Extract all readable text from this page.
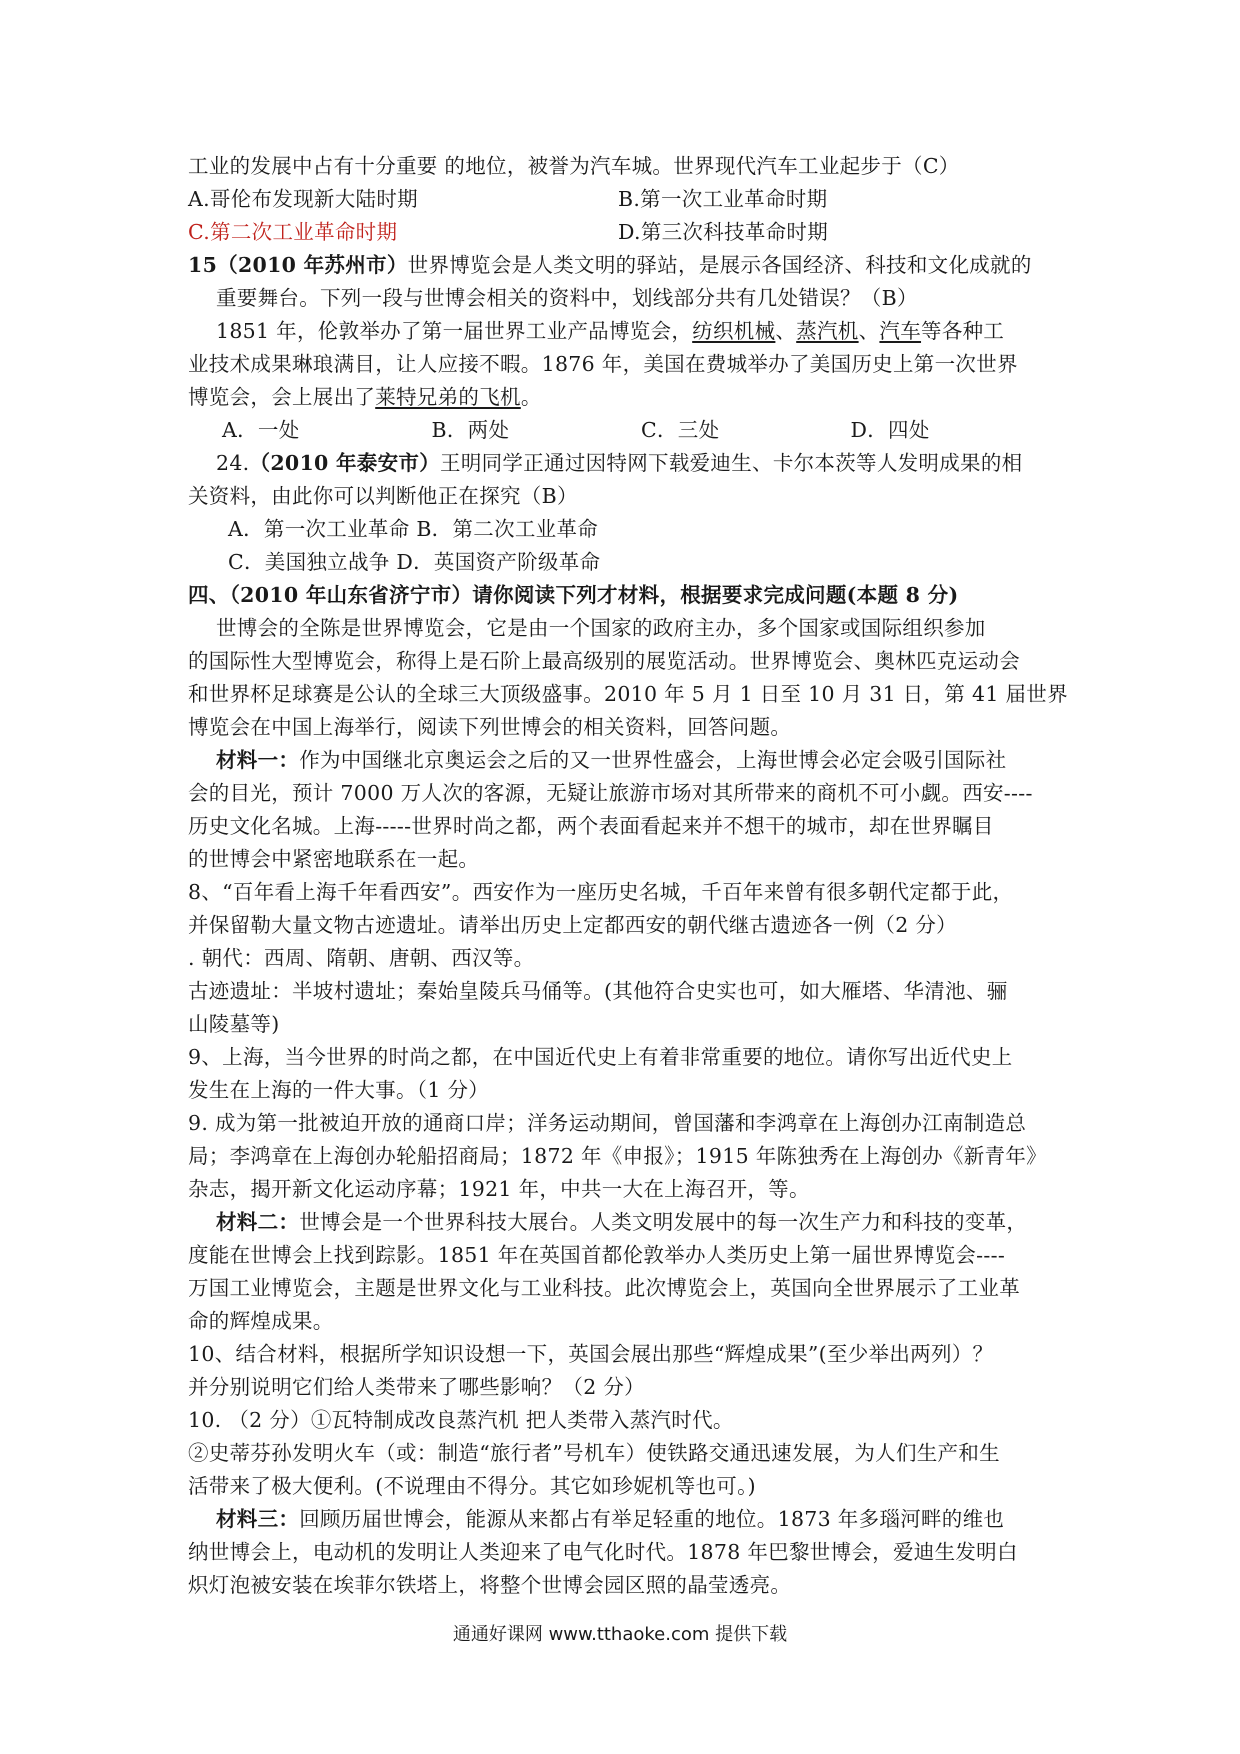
工业的发展中占有十分重要 的地位，被誉为汽车城。世界现代汽车工业起步于（C）
A.哥伦布发现新大陆时期	B.第一次工业革命时期
C.第二次工业革命时期	D.第三次科技革命时期
15（2010 年苏州市）世界博览会是人类文明的驿站，是展示各国经济、科技和文化成就的
重要舞台。下列一段与世博会相关的资料中，划线部分共有几处错误？（B）
1851 年，伦敦举办了第一届世界工业产品博览会，纺织机械、蒸汽机、汽车等各种工
业技术成果琳琅满目，让人应接不暇。1876 年，美国在费城举办了美国历史上第一次世界
博览会，会上展出了莱特兄弟的飞机。
A．一处	B．两处	C．三处	D．四处
24.（2010 年泰安市）王明同学正通过因特网下载爱迪生、卡尔本茨等人发明成果的相
关资料，由此你可以判断他正在探究（B）
A．第一次工业革命 B．第二次工业革命
C．美国独立战争 D．英国资产阶级革命
四、（2010 年山东省济宁市）请你阅读下列才材料，根据要求完成问题(本题 8 分)
世博会的全陈是世界博览会，它是由一个国家的政府主办，多个国家或国际组织参加
的国际性大型博览会，称得上是石阶上最高级别的展览活动。世界博览会、奥林匹克运动会
和世界杯足球赛是公认的全球三大顶级盛事。2010 年 5 月 1 日至 10 月 31 日，第 41 届世界
博览会在中国上海举行，阅读下列世博会的相关资料，回答问题。
材料一：作为中国继北京奥运会之后的又一世界性盛会，上海世博会必定会吸引国际社
会的目光，预计 7000 万人次的客源，无疑让旅游市场对其所带来的商机不可小觑。西安----
历史文化名城。上海-----世界时尚之都，两个表面看起来并不想干的城市，却在世界瞩目
的世博会中紧密地联系在一起。
8、“百年看上海千年看西安”。西安作为一座历史名城，千百年来曾有很多朝代定都于此，
并保留勒大量文物古迹遗址。请举出历史上定都西安的朝代继古遗迹各一例（2 分）
. 朝代：西周、隋朝、唐朝、西汉等。
古迹遗址：半坡村遗址；秦始皇陵兵马俑等。(其他符合史实也可，如大雁塔、华清池、骊
山陵墓等)
9、上海，当今世界的时尚之都，在中国近代史上有着非常重要的地位。请你写出近代史上
发生在上海的一件大事。（1 分）
9. 成为第一批被迫开放的通商口岸；洋务运动期间，曾国藩和李鸿章在上海创办江南制造总
局；李鸿章在上海创办轮船招商局；1872 年《申报》；1915 年陈独秀在上海创办《新青年》
杂志，揭开新文化运动序幕；1921 年，中共一大在上海召开，等。
材料二：世博会是一个世界科技大展台。人类文明发展中的每一次生产力和科技的变革，
度能在世博会上找到踪影。1851 年在英国首都伦敦举办人类历史上第一届世界博览会----
万国工业博览会，主题是世界文化与工业科技。此次博览会上，英国向全世界展示了工业革
命的辉煌成果。
10、结合材料，根据所学知识设想一下，英国会展出那些“辉煌成果”(至少举出两列）？
并分别说明它们给人类带来了哪些影响？（2 分）
10. （2 分）①瓦特制成改良蒸汽机 把人类带入蒸汽时代。
②史蒂芬孙发明火车（或：制造“旅行者”号机车）使铁路交通迅速发展，为人们生产和生
活带来了极大便利。(不说理由不得分。其它如珍妮机等也可。)
材料三：回顾历届世博会，能源从来都占有举足轻重的地位。1873 年多瑙河畔的维也
纳世博会上，电动机的发明让人类迎来了电气化时代。1878 年巴黎世博会，爱迪生发明白
炽灯泡被安装在埃菲尔铁塔上，将整个世博会园区照的晶莹透亮。
通通好课网 www.tthaoke.com 提供下载
